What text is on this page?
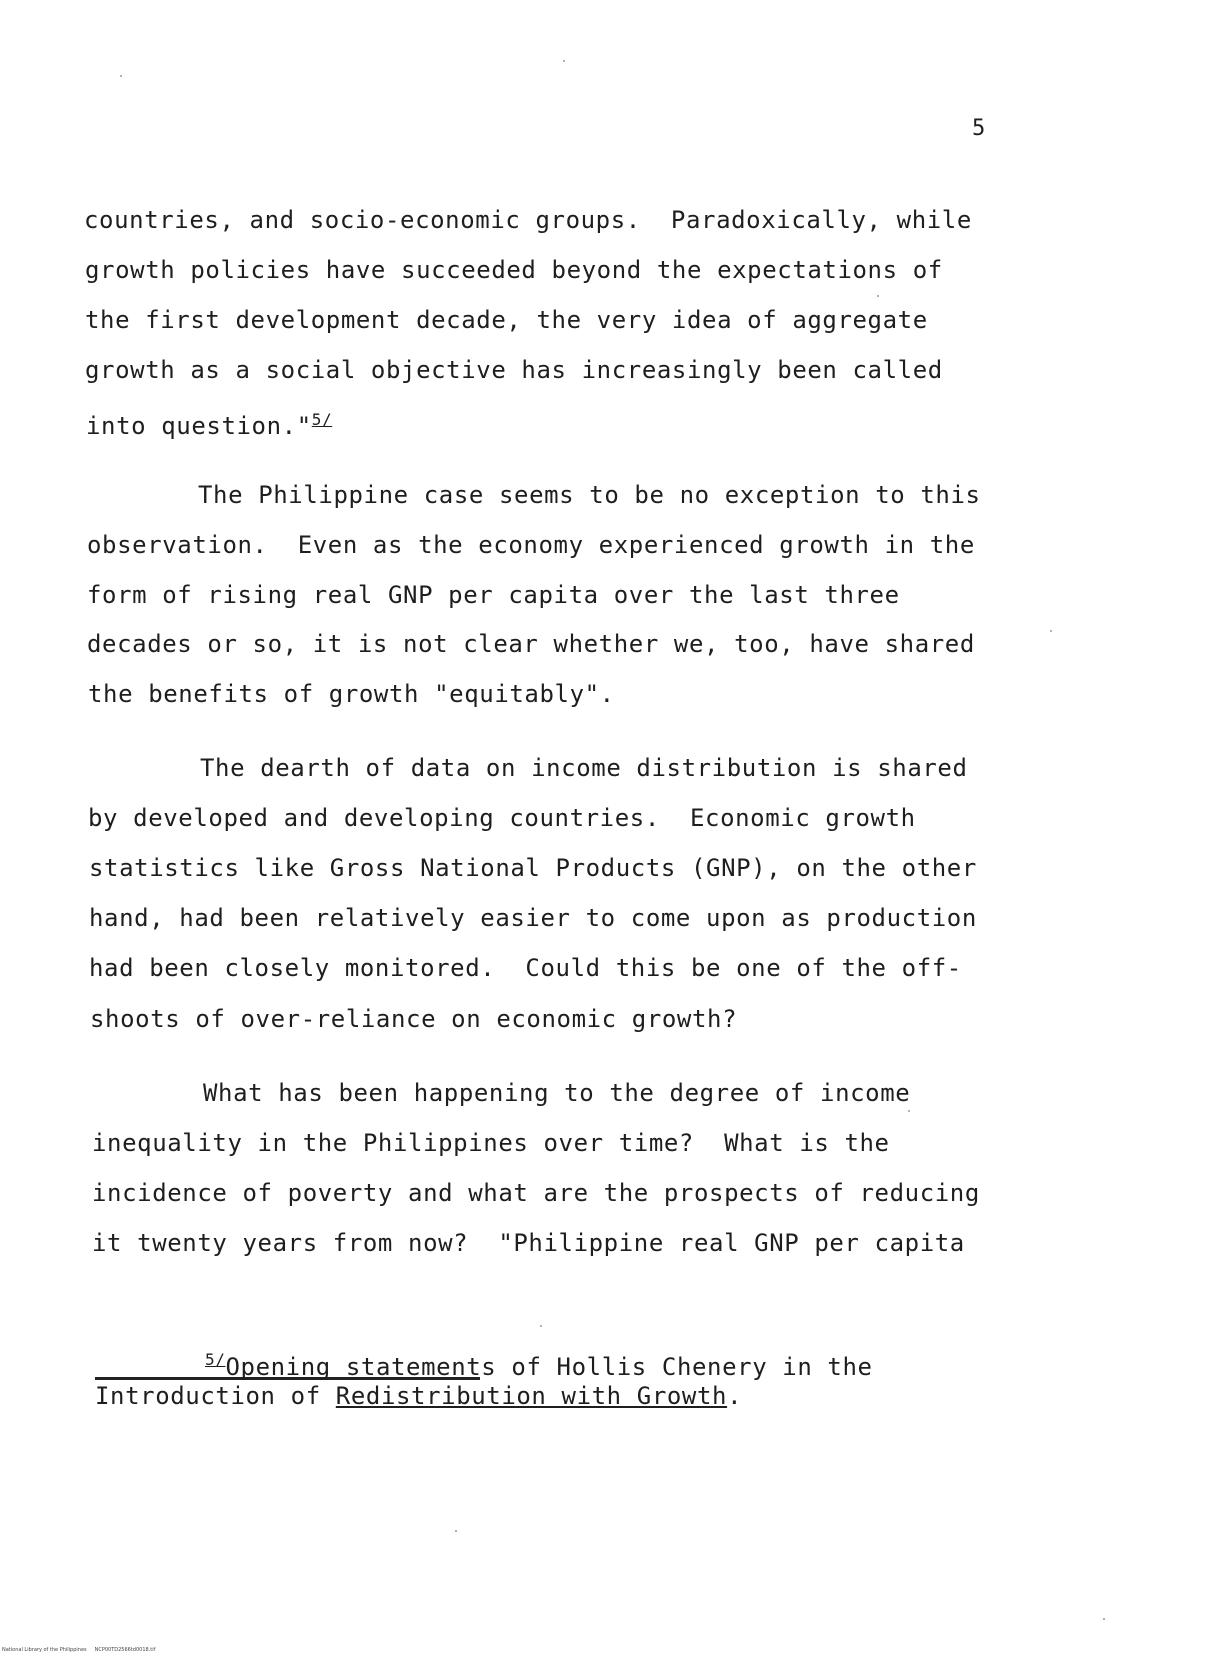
5
countries, and socio-economic groups.  Paradoxically, while
growth policies have succeeded beyond the expectations of
the first development decade, the very idea of aggregate
growth as a social objective has increasingly been called
into question."$^{5/}$
The Philippine case seems to be no exception to this
observation.  Even as the economy experienced growth in the
form of rising real GNP per capita over the last three
decades or so, it is not clear whether we, too, have shared
the benefits of growth "equitably".
The dearth of data on income distribution is shared
by developed and developing countries.  Economic growth
statistics like Gross National Products (GNP), on the other
hand, had been relatively easier to come upon as production
had been closely monitored.  Could this be one of the off-
shoots of over-reliance on economic growth?
What has been happening to the degree of income
inequality in the Philippines over time?  What is the
incidence of poverty and what are the prospects of reducing
it twenty years from now?  "Philippine real GNP per capita
$^{5/}$Opening statements of Hollis Chenery in the
Introduction of Redistribution with Growth.
National Library of the Philippines     NCP00TD2566td0018.tif
